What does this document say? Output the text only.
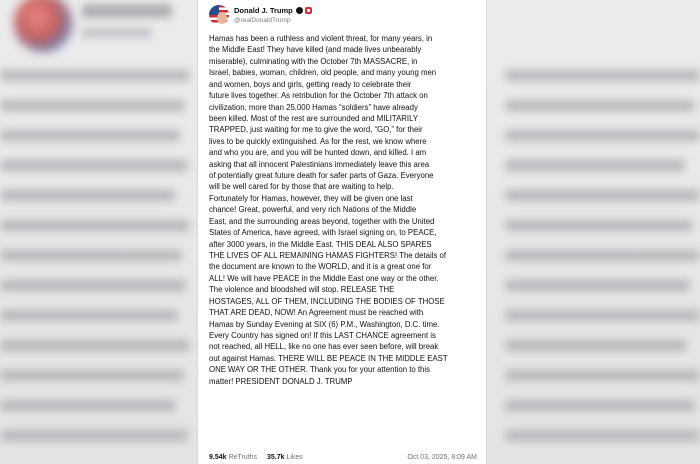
Donald J. Trump
@realDonaldTrump

Hamas has been a ruthless and violent threat, for many years, in

the Middle East! They have killed (and made lives unbearably

miserable), culminating with the October 7th MASSACRE, in

Israel, babies, woman, children, old people, and many young men

and women, boys and girls, getting ready to celebrate their

future lives together. As retribution for the October 7th attack on

civilization, more than 25,000 Hamas “soldiers” have already

been killed. Most of the rest are surrounded and MILITARILY

TRAPPED, just waiting for me to give the word, “GO,” for their

lives to be quickly extinguished. As for the rest, we know where

and who you are, and you will be hunted down, and killed. I am

asking that all innocent Palestinians immediately leave this area

of potentially great future death for safer parts of Gaza. Everyone

will be well cared for by those that are waiting to help.

Fortunately for Hamas, however, they will be given one last

chance! Great, powerful, and very rich Nations of the Middle

East, and the surrounding areas beyond, together with the United

States of America, have agreed, with Israel signing on, to PEACE,

after 3000 years, in the Middle East. THIS DEAL ALSO SPARES

THE LIVES OF ALL REMAINING HAMAS FIGHTERS! The details of

the document are known to the WORLD, and it is a great one for

ALL! We will have PEACE in the Middle East one way or the other.

The violence and bloodshed will stop. RELEASE THE

HOSTAGES, ALL OF THEM, INCLUDING THE BODIES OF THOSE

THAT ARE DEAD, NOW! An Agreement must be reached with

Hamas by Sunday Evening at SIX (6) P.M., Washington, D.C. time.

Every Country has signed on! If this LAST CHANCE agreement is

not reached, all HELL, like no one has ever seen before, will break

out against Hamas. THERE WILL BE PEACE IN THE MIDDLE EAST

ONE WAY OR THE OTHER. Thank you for your attention to this

matter! PRESIDENT DONALD J. TRUMP

9.54k ReTruths 35.7k Likes	Oct 03, 2025, 8:09 AM
